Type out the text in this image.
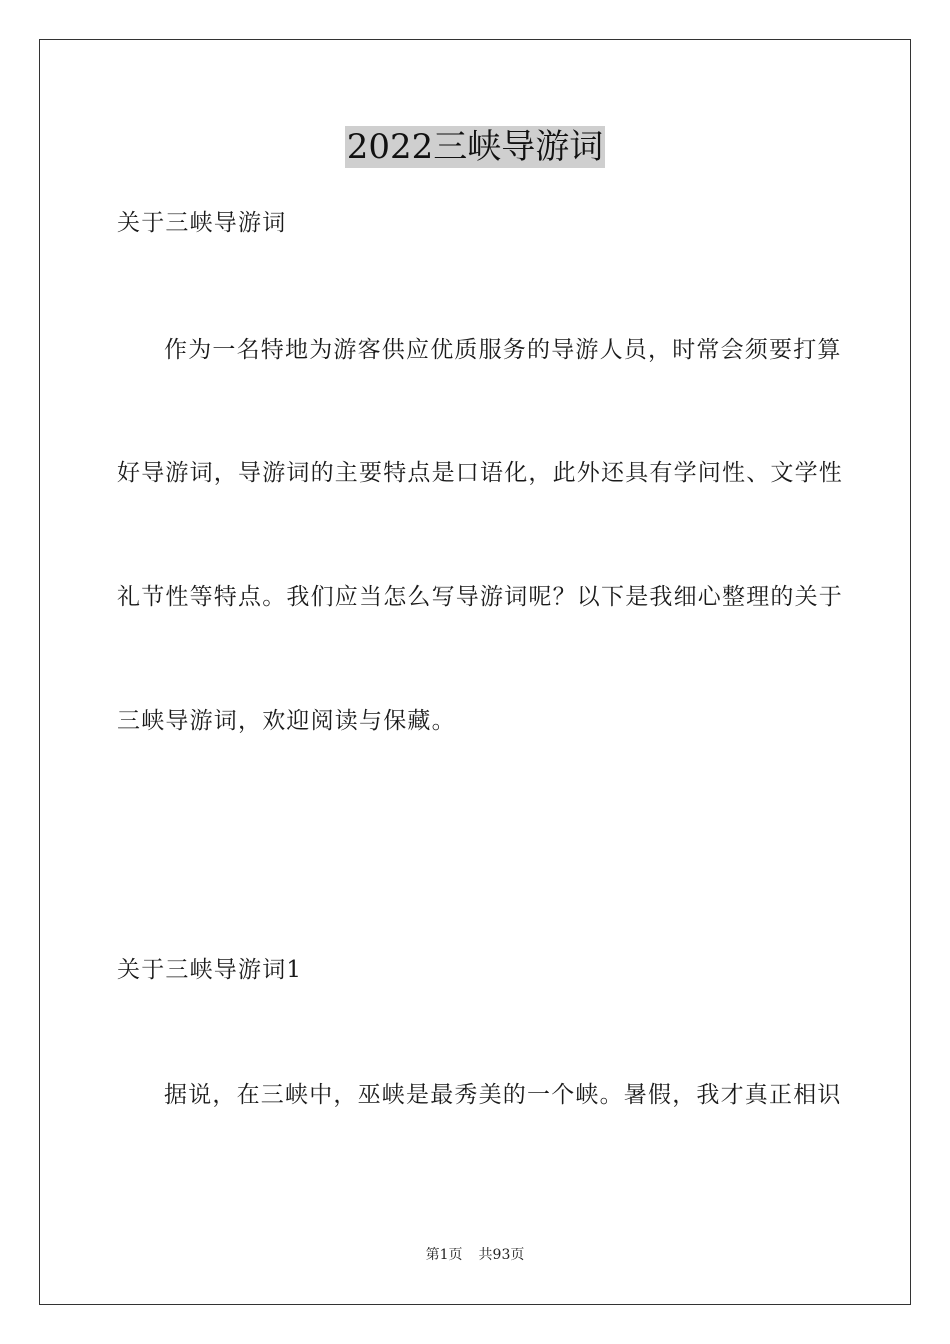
2022三峡导游词
关于三峡导游词
作为一名特地为游客供应优质服务的导游人员，时常会须要打算
好导游词，导游词的主要特点是口语化，此外还具有学问性、文学性
礼节性等特点。我们应当怎么写导游词呢？以下是我细心整理的关于
三峡导游词，欢迎阅读与保藏。
关于三峡导游词1
据说，在三峡中，巫峡是最秀美的一个峡。暑假，我才真正相识
第1页 共93页
